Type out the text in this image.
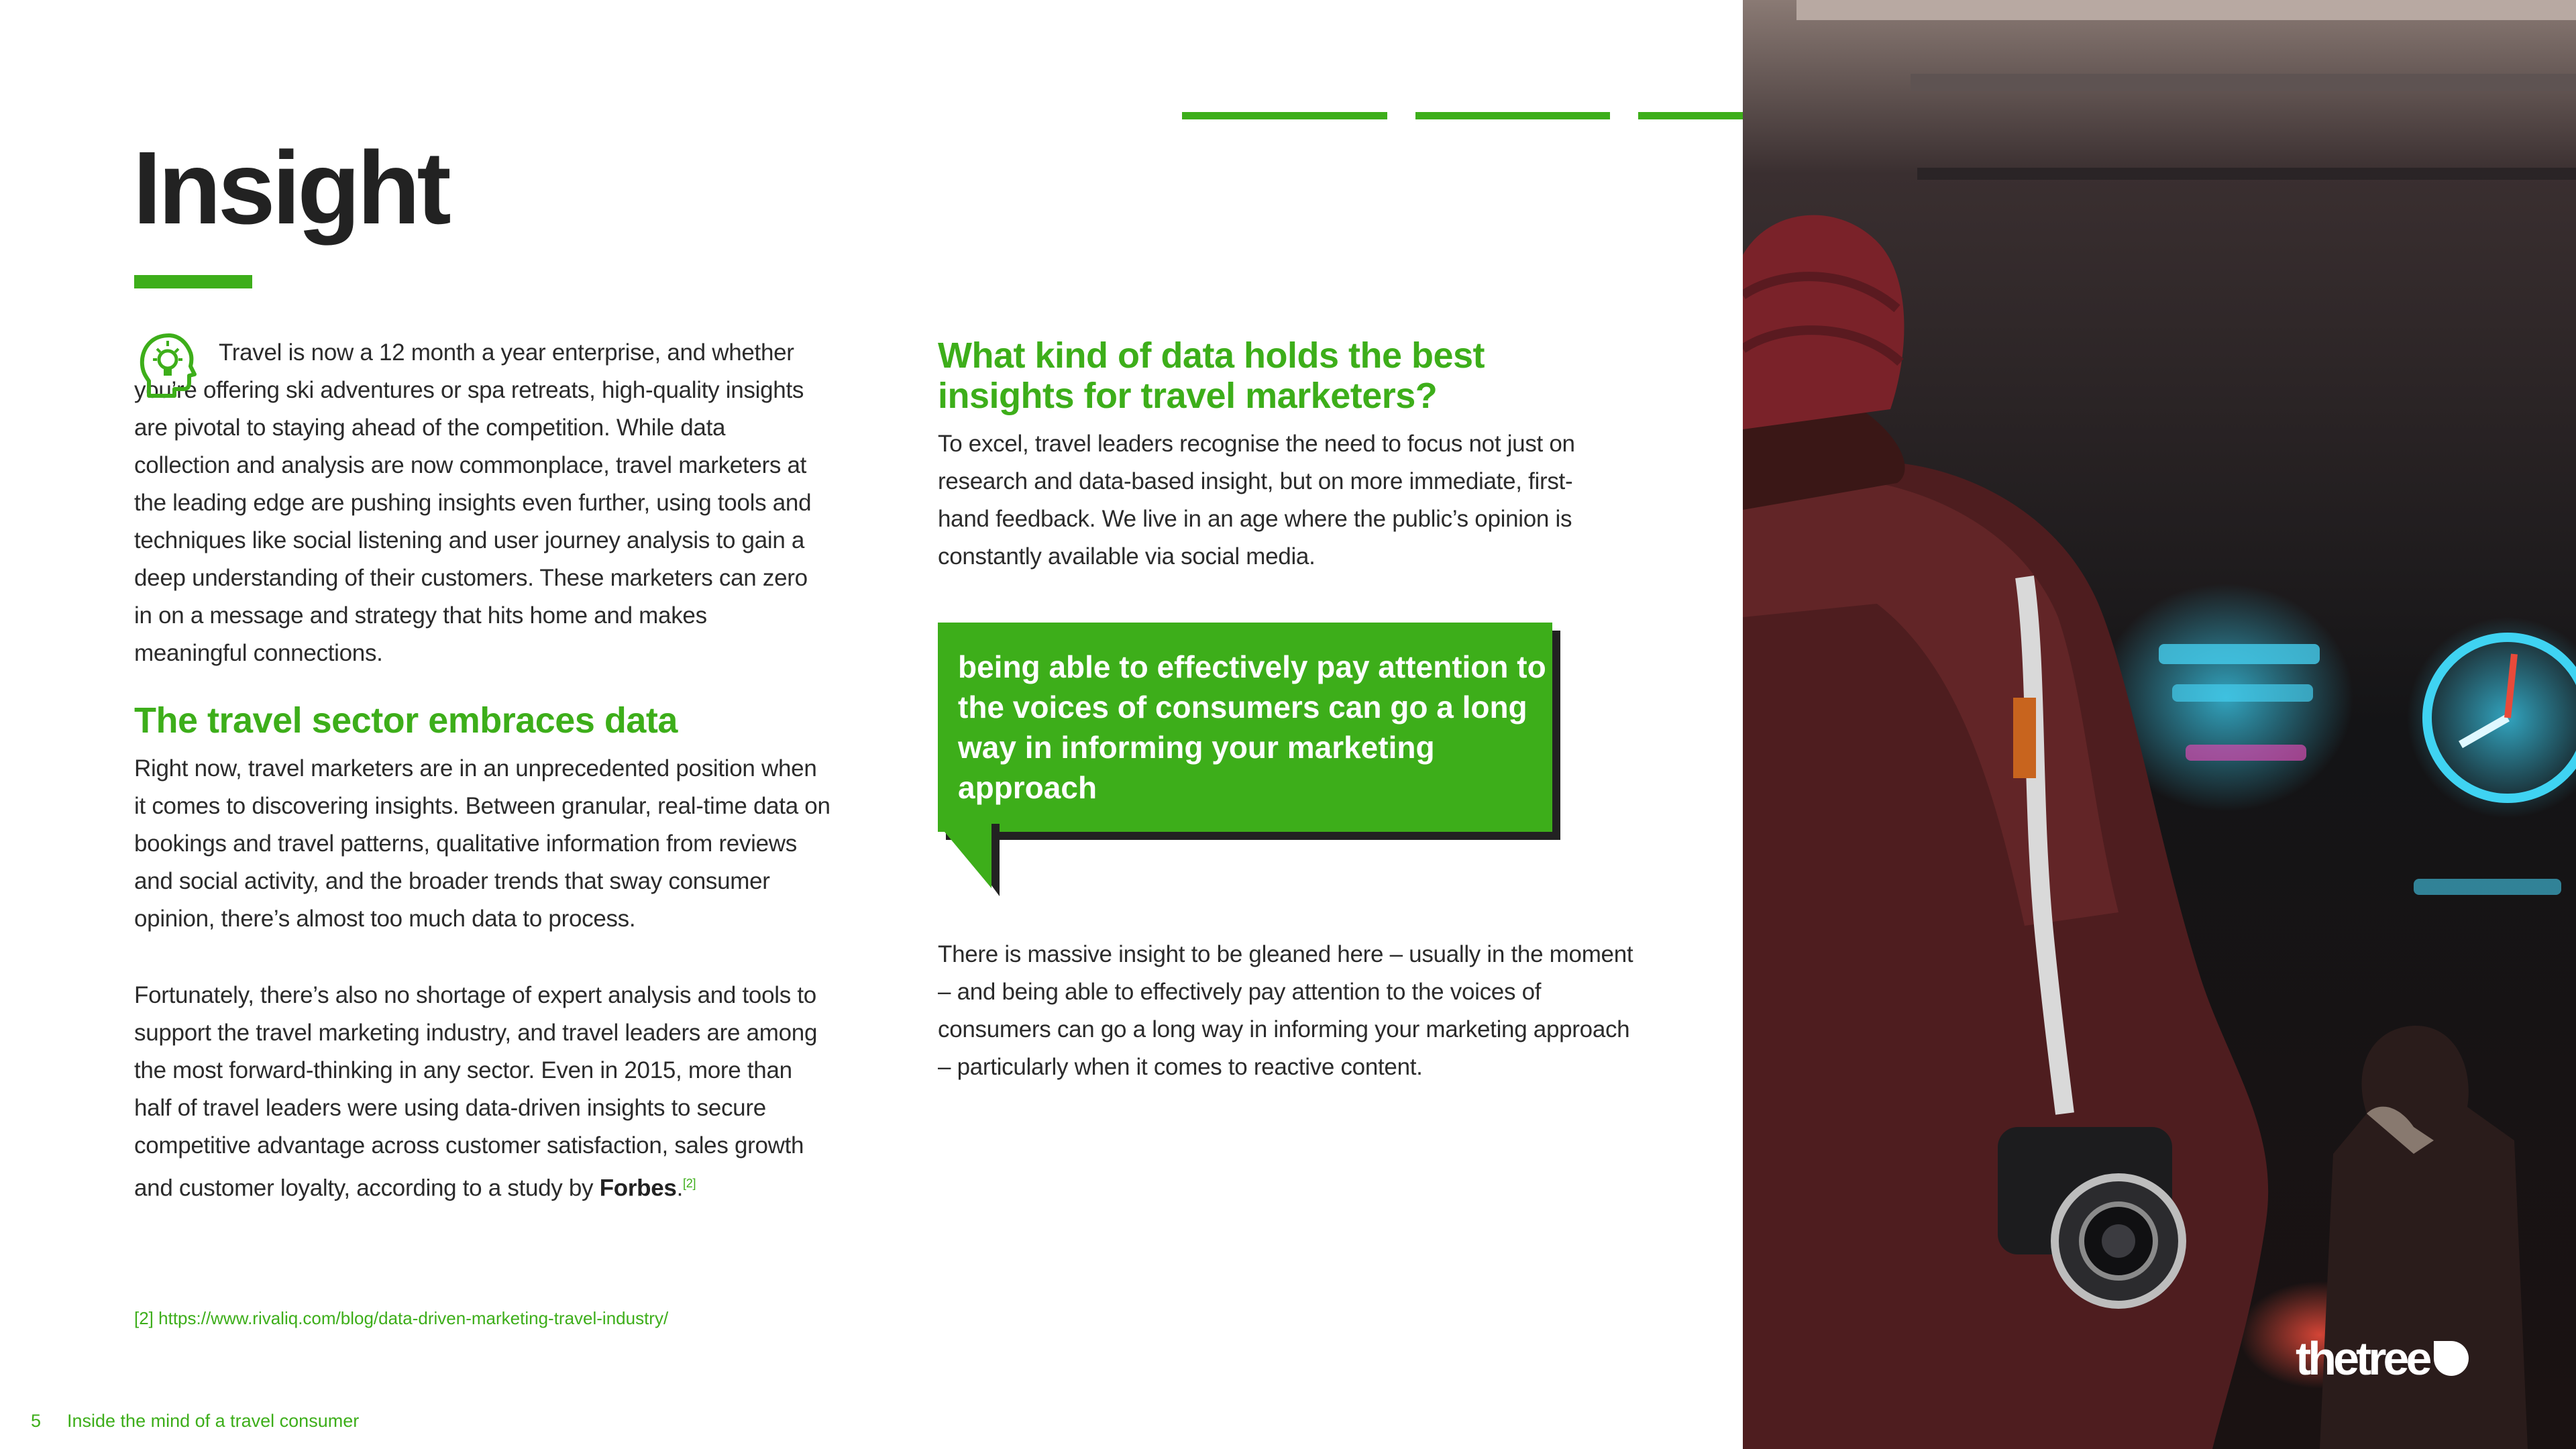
Insight

Travel is now a 12 month a year enterprise, and whether you’re offering ski adventures or spa retreats, high-quality insights are pivotal to staying ahead of the competition. While data collection and analysis are now commonplace, travel marketers at the leading edge are pushing insights even further, using tools and techniques like social listening and user journey analysis to gain a deep understanding of their customers. These marketers can zero in on a message and strategy that hits home and makes meaningful connections.

The travel sector embraces data

Right now, travel marketers are in an unprecedented position when it comes to discovering insights. Between granular, real-time data on bookings and travel patterns, qualitative information from reviews and social activity, and the broader trends that sway consumer opinion, there’s almost too much data to process.

Fortunately, there’s also no shortage of expert analysis and tools to support the travel marketing industry, and travel leaders are among the most forward-thinking in any sector. Even in 2015, more than half of travel leaders were using data-driven insights to secure competitive advantage across customer satisfaction, sales growth and customer loyalty, according to a study by Forbes.[2]

What kind of data holds the best insights for travel marketers?

To excel, travel leaders recognise the need to focus not just on research and data-based insight, but on more immediate, first-hand feedback. We live in an age where the public’s opinion is constantly available via social media.

being able to effectively pay attention to the voices of consumers can go a long way in informing your marketing approach

There is massive insight to be gleaned here – usually in the moment – and being able to effectively pay attention to the voices of consumers can go a long way in informing your marketing approach – particularly when it comes to reactive content.

[2] https://www.rivaliq.com/blog/data-driven-marketing-travel-industry/

5 Inside the mind of a travel consumer
thetree
